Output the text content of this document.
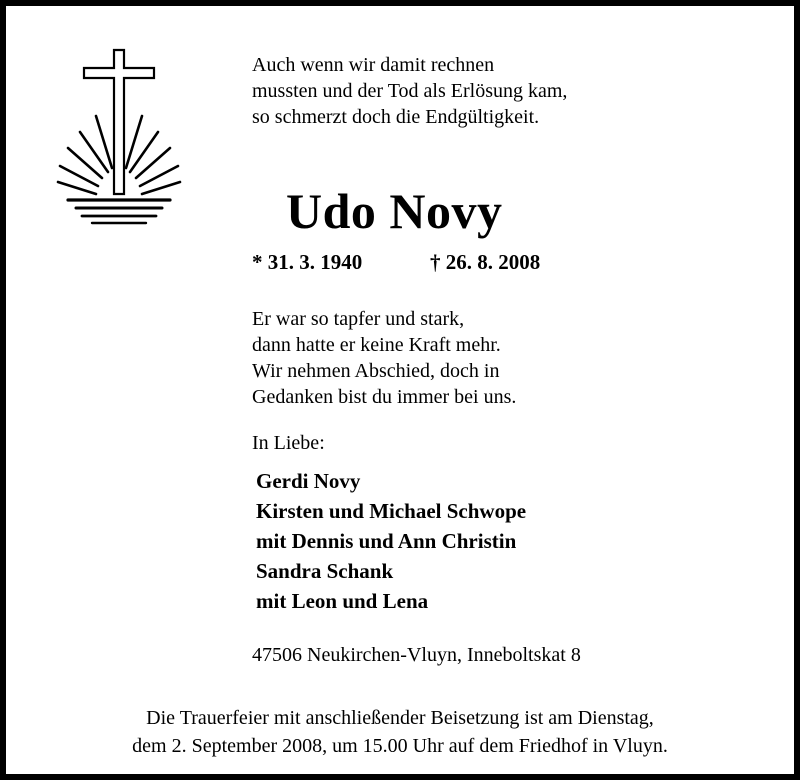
Auch wenn wir damit rechnen
mussten und der Tod als Erlösung kam,
so schmerzt doch die Endgültigkeit.
Udo Novy
* 31. 3. 1940	† 26. 8. 2008
Er war so tapfer und stark,
dann hatte er keine Kraft mehr.
Wir nehmen Abschied, doch in
Gedanken bist du immer bei uns.
In Liebe:
Gerdi Novy
Kirsten und Michael Schwope
mit Dennis und Ann Christin
Sandra Schank
mit Leon und Lena
47506 Neukirchen-Vluyn, Inneboltskat 8
Die Trauerfeier mit anschließender Beisetzung ist am Dienstag,
dem 2. September 2008, um 15.00 Uhr auf dem Friedhof in Vluyn.
